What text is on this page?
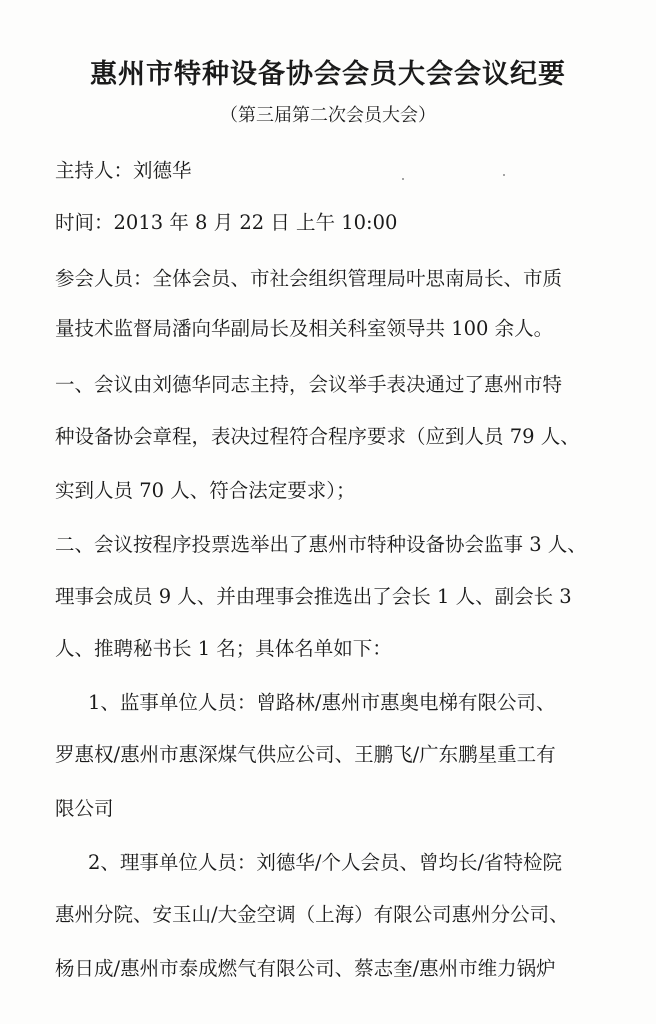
惠州市特种设备协会会员大会会议纪要
（第三届第二次会员大会）
主持人：刘德华
时间：2013 年 8 月 22 日 上午 10:00
参会人员：全体会员、市社会组织管理局叶思南局长、市质
量技术监督局潘向华副局长及相关科室领导共 100 余人。
一、会议由刘德华同志主持，会议举手表决通过了惠州市特
种设备协会章程，表决过程符合程序要求（应到人员 79 人、
实到人员 70 人、符合法定要求）；
二、会议按程序投票选举出了惠州市特种设备协会监事 3 人、
理事会成员 9 人、并由理事会推选出了会长 1 人、副会长 3
人、推聘秘书长 1 名；具体名单如下：
1、监事单位人员：曾路林/惠州市惠奥电梯有限公司、
罗惠权/惠州市惠深煤气供应公司、王鹏飞/广东鹏星重工有
限公司
2、理事单位人员：刘德华/个人会员、曾均长/省特检院
惠州分院、安玉山/大金空调（上海）有限公司惠州分公司、
杨日成/惠州市泰成燃气有限公司、蔡志奎/惠州市维力锅炉
